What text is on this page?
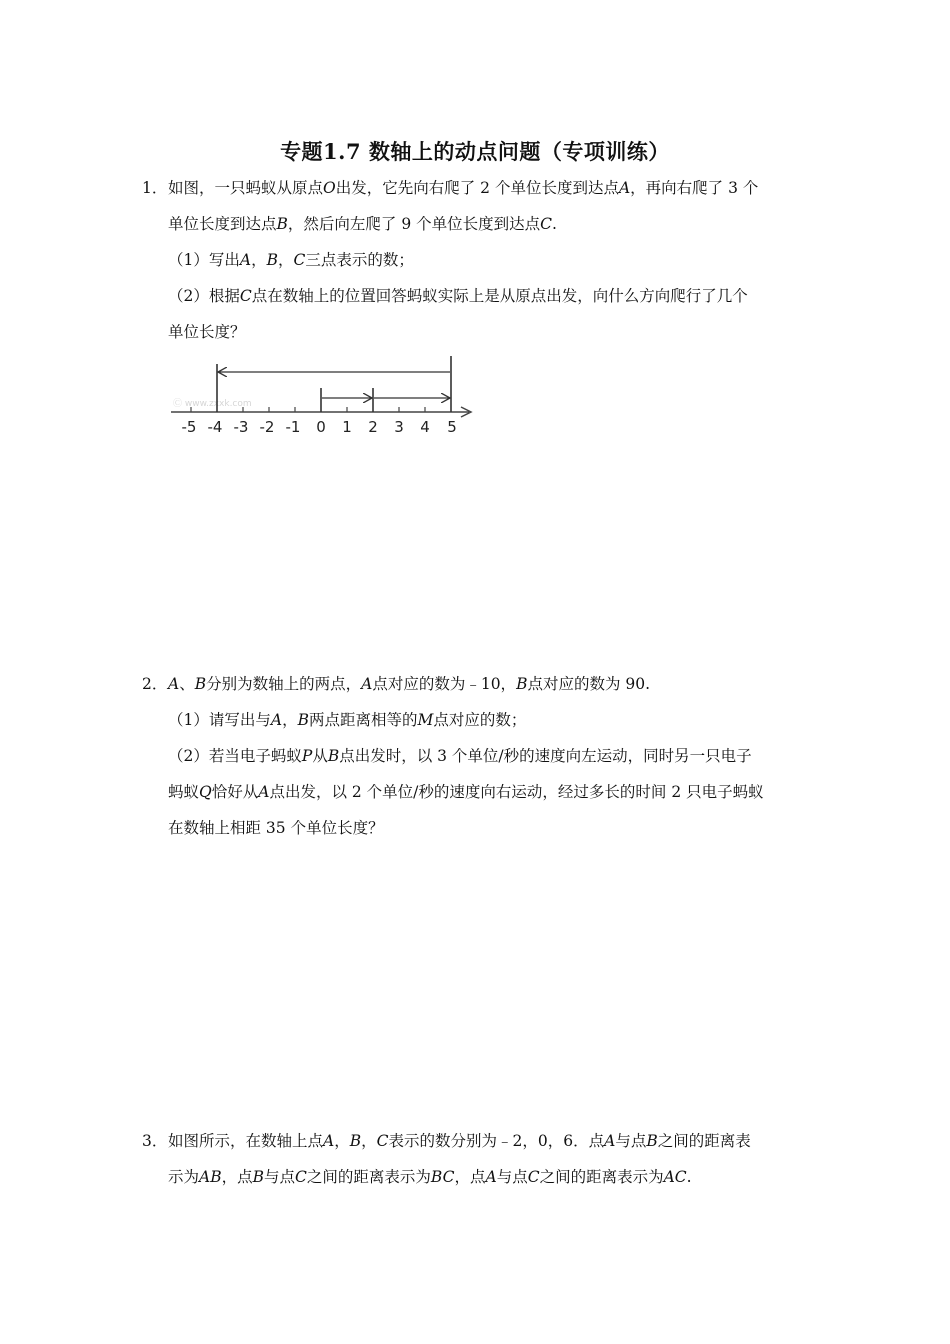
专题1.7 数轴上的动点问题（专项训练）
1． 如图，一只蚂蚁从原点O出发，它先向右爬了 2 个单位长度到达点A，再向右爬了 3 个
单位长度到达点B，然后向左爬了 9 个单位长度到达点C.
（1）写出A，B，C三点表示的数；
（2）根据C点在数轴上的位置回答蚂蚁实际上是从原点出发，向什么方向爬行了几个
单位长度？
Ⓒ www.zxxk.com
-5 -4 -3 -2 -1 0 1 2 3 4 5
2． A、B分别为数轴上的两点，A点对应的数为﹣10，B点对应的数为 90.
（1）请写出与A，B两点距离相等的M点对应的数；
（2）若当电子蚂蚁P从B点出发时，以 3 个单位/秒的速度向左运动，同时另一只电子
蚂蚁Q恰好从A点出发，以 2 个单位/秒的速度向右运动，经过多长的时间 2 只电子蚂蚁
在数轴上相距 35 个单位长度？
3． 如图所示，在数轴上点A，B，C表示的数分别为﹣2，0，6．点A与点B之间的距离表
示为AB，点B与点C之间的距离表示为BC，点A与点C之间的距离表示为AC.
